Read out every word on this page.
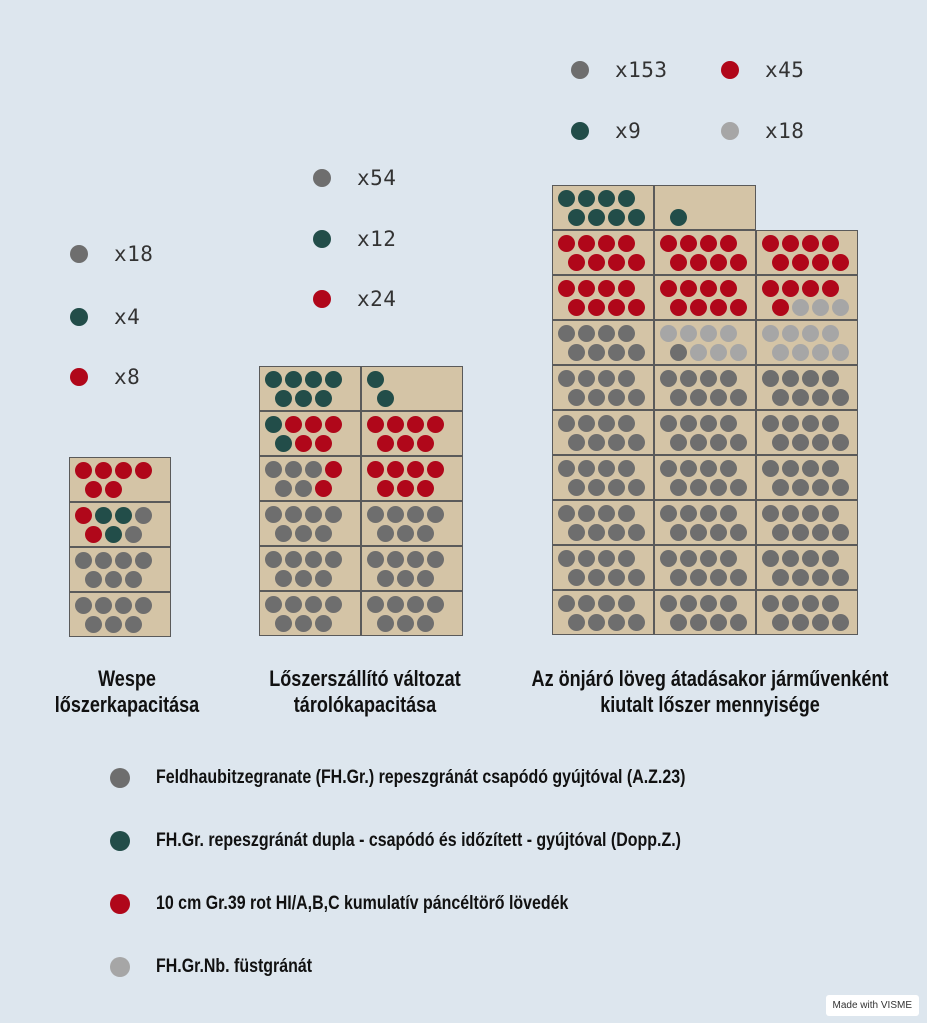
x18
x4
x8
x54
x12
x24
x153	x45
x9	x18
Wespe
lőszerkapacitása
Lőszerszállító változat
tárolókapacitása
Az önjáró löveg átadásakor járművenként
kiutalt lőszer mennyisége
Feldhaubitzegranate (FH.Gr.) repeszgránát csapódó gyújtóval (A.Z.23)
FH.Gr. repeszgránát dupla - csapódó és időzített - gyújtóval (Dopp.Z.)
10 cm Gr.39 rot HI/A,B,C kumulatív páncéltörő lövedék
FH.Gr.Nb. füstgránát
Made with VISME
